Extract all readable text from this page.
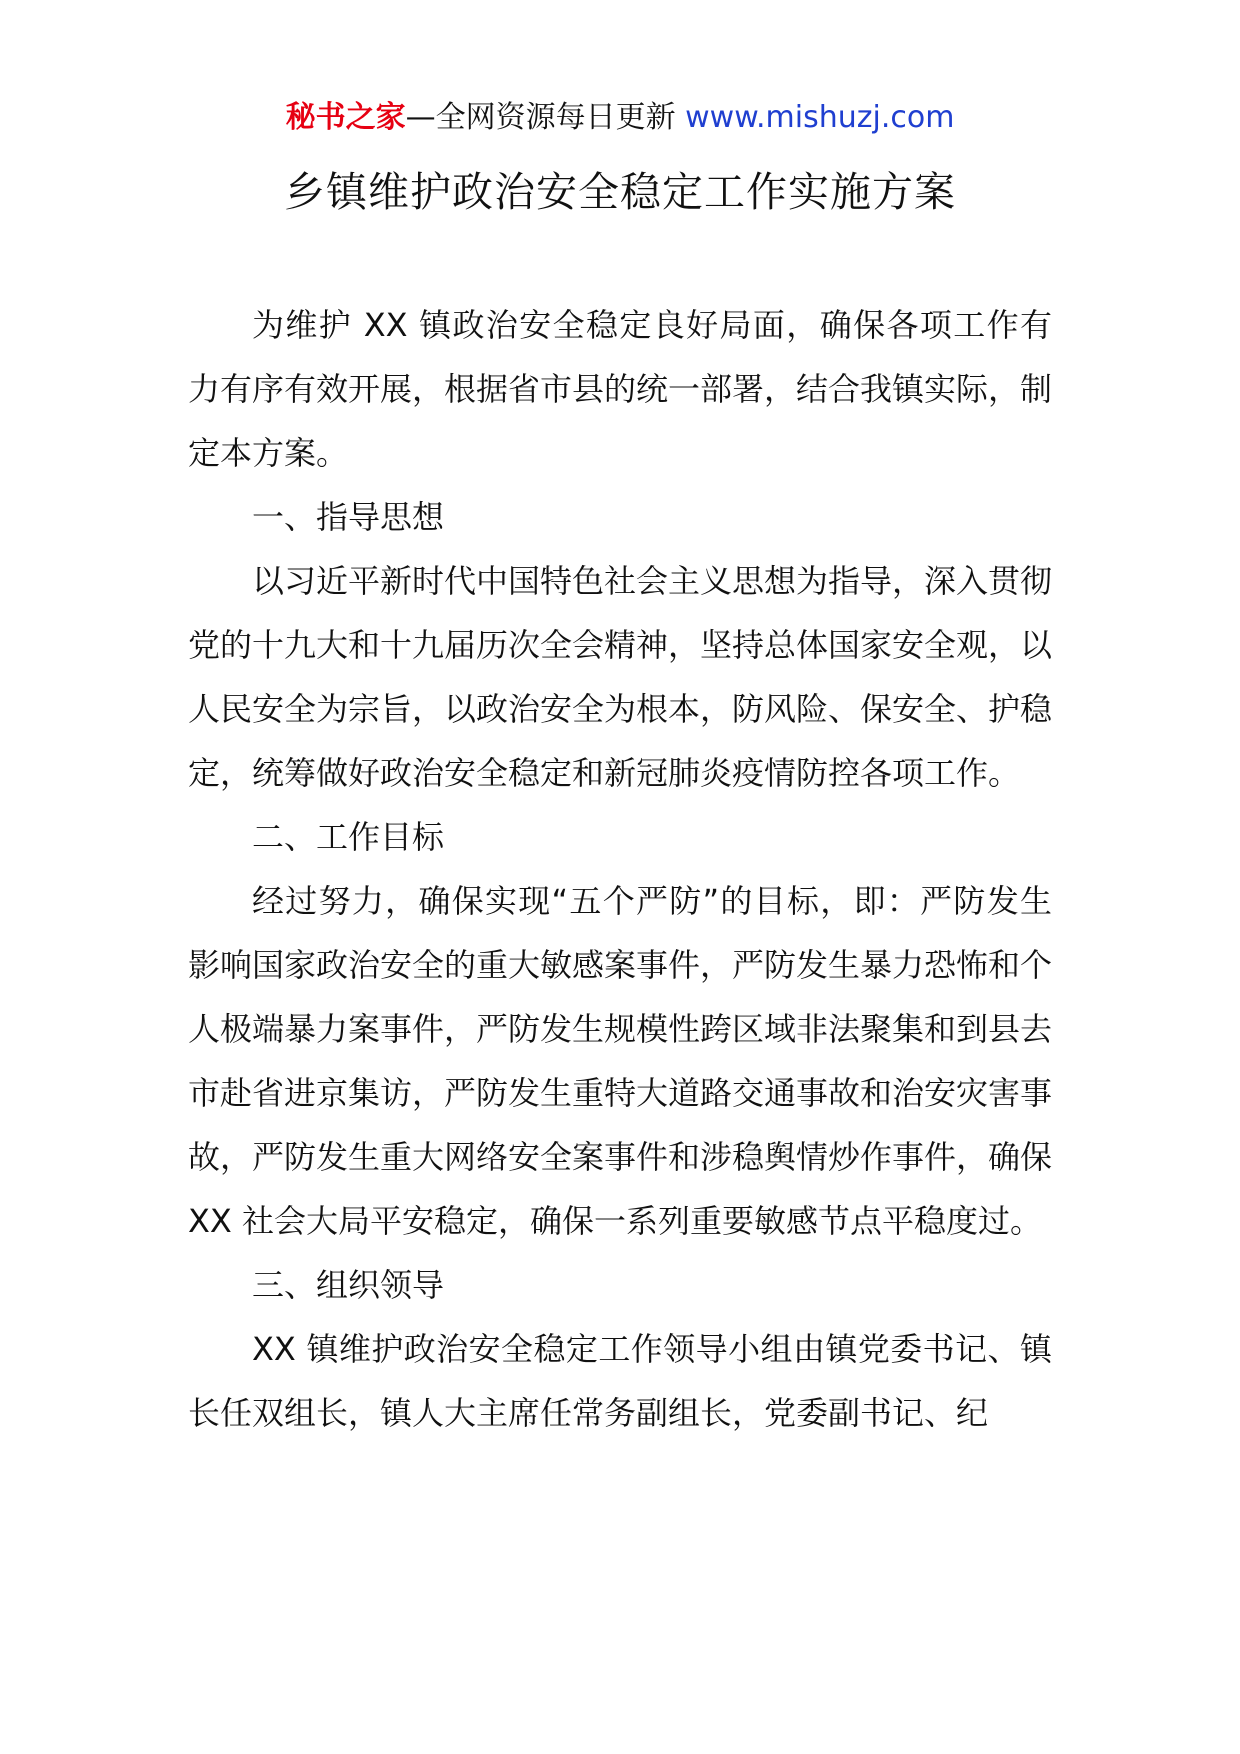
秘书之家—全网资源每日更新 www.mishuzj.com
乡镇维护政治安全稳定工作实施方案

为维护 XX 镇政治安全稳定良好局面，确保各项工作有力有序有效开展，根据省市县的统一部署，结合我镇实际，制定本方案。

一、指导思想

以习近平新时代中国特色社会主义思想为指导，深入贯彻党的十九大和十九届历次全会精神，坚持总体国家安全观，以人民安全为宗旨，以政治安全为根本，防风险、保安全、护稳定，统筹做好政治安全稳定和新冠肺炎疫情防控各项工作。

二、工作目标

经过努力，确保实现“五个严防”的目标，即：严防发生影响国家政治安全的重大敏感案事件，严防发生暴力恐怖和个人极端暴力案事件，严防发生规模性跨区域非法聚集和到县去市赴省进京集访，严防发生重特大道路交通事故和治安灾害事故，严防发生重大网络安全案事件和涉稳舆情炒作事件，确保 XX 社会大局平安稳定，确保一系列重要敏感节点平稳度过。

三、组织领导

XX 镇维护政治安全稳定工作领导小组由镇党委书记、镇长任双组长，镇人大主席任常务副组长，党委副书记、纪
